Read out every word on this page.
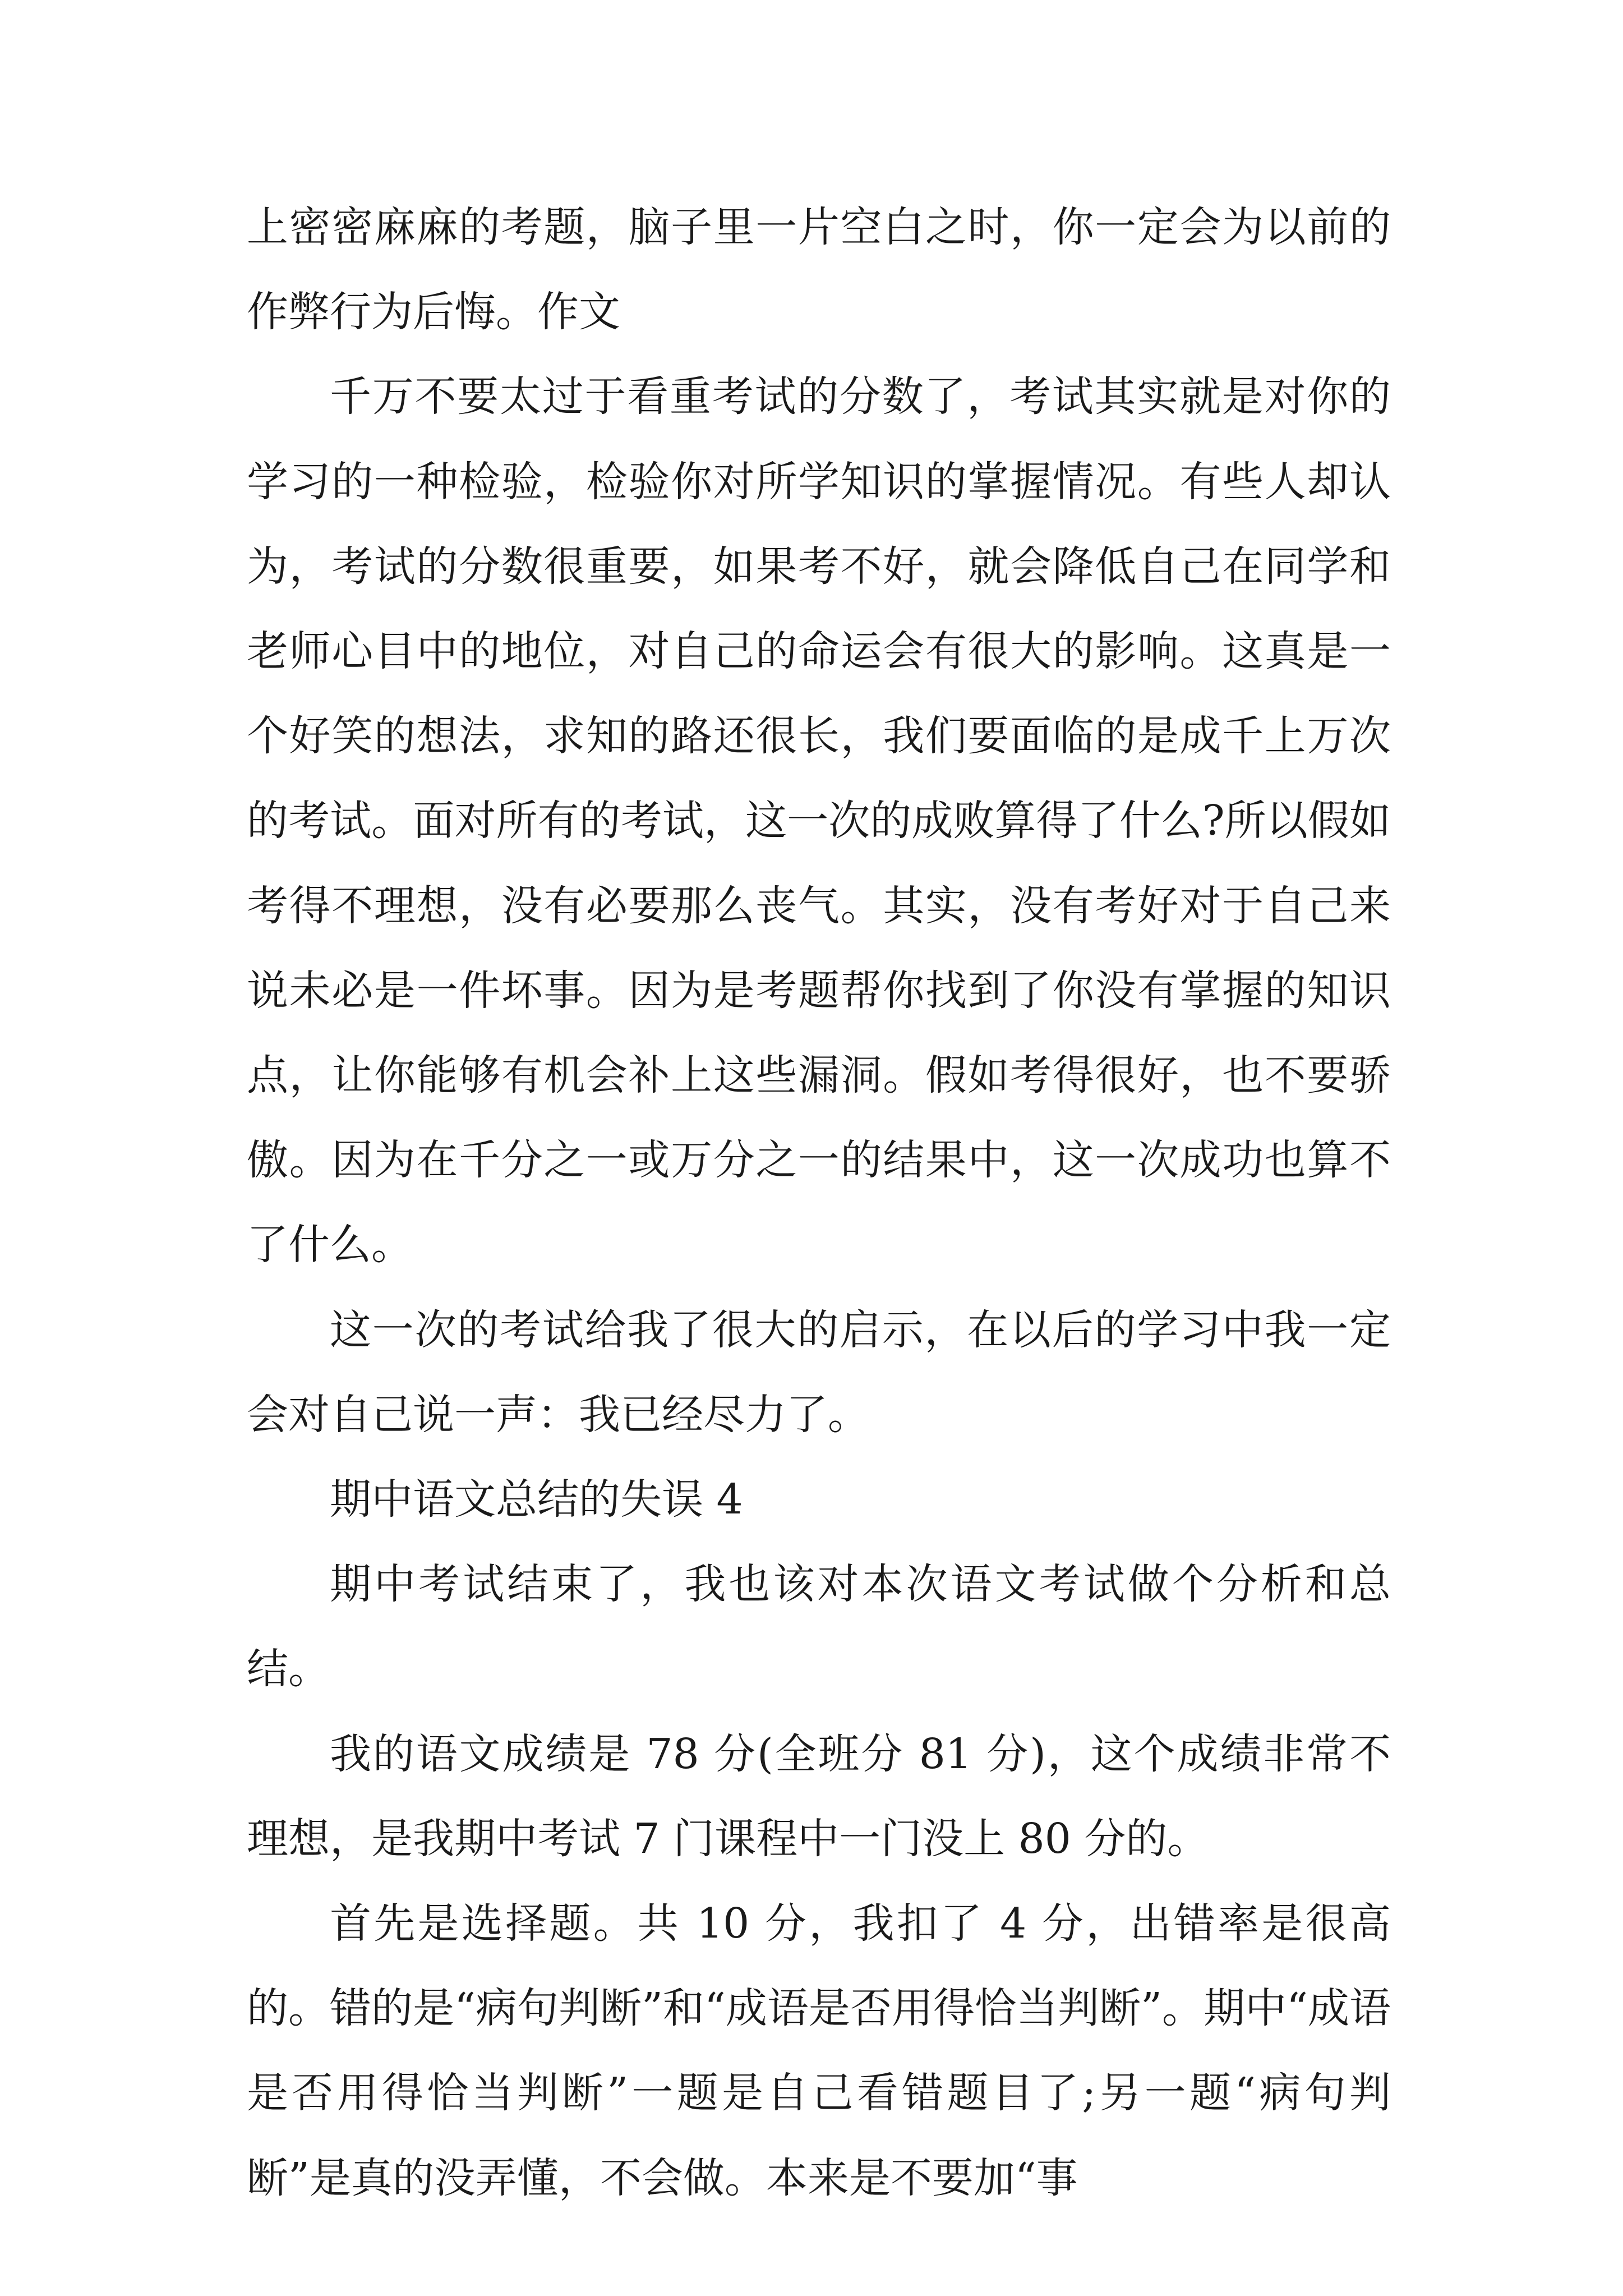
上密密麻麻的考题，脑子里一片空白之时，你一定会为以前的作弊行为后悔。作文

千万不要太过于看重考试的分数了，考试其实就是对你的学习的一种检验，检验你对所学知识的掌握情况。有些人却认为，考试的分数很重要，如果考不好，就会降低自己在同学和老师心目中的地位，对自己的命运会有很大的影响。这真是一个好笑的想法，求知的路还很长，我们要面临的是成千上万次的考试。面对所有的考试，这一次的成败算得了什么?所以假如考得不理想，没有必要那么丧气。其实，没有考好对于自己来说未必是一件坏事。因为是考题帮你找到了你没有掌握的知识点，让你能够有机会补上这些漏洞。假如考得很好，也不要骄傲。因为在千分之一或万分之一的结果中，这一次成功也算不了什么。

这一次的考试给我了很大的启示，在以后的学习中我一定会对自己说一声：我已经尽力了。

期中语文总结的失误 4

期中考试结束了，我也该对本次语文考试做个分析和总结。

我的语文成绩是 78 分(全班分 81 分)，这个成绩非常不理想，是我期中考试 7 门课程中一门没上 80 分的。

首先是选择题。共 10 分，我扣了 4 分，出错率是很高的。错的是“病句判断”和“成语是否用得恰当判断”。期中“成语是否用得恰当判断”一题是自己看错题目了;另一题“病句判断”是真的没弄懂，不会做。本来是不要加“事
